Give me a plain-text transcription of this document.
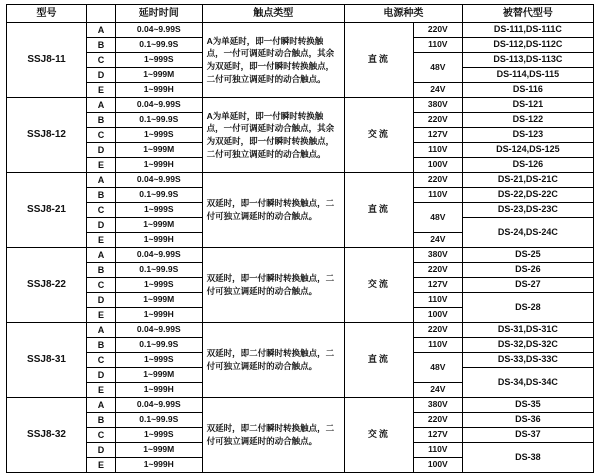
型号		延时时间	触点类型	电源种类		被替代型号
SSJ8-11	A	0.04~9.99S	A为单延时，即一付瞬时转换触点，一付可调延时动合触点，其余为双延时，即一付瞬时转换触点，二付可独立调延时的动合触点。	直流	220V	DS-111,DS-111C
	B	0.1~99.9S			110V	DS-112,DS-112C
	C	1~999S			48V	DS-113,DS-113C
	D	1~999M				DS-114,DS-115
	E	1~999H			24V	DS-116
SSJ8-12	A	0.04~9.99S	A为单延时，即一付瞬时转换触点，一付可调延时动合触点，其余为双延时，即一付瞬时转换触点，二付可独立调延时的动合触点。	交流	380V	DS-121
	B	0.1~99.9S			220V	DS-122
	C	1~999S			127V	DS-123
	D	1~999M			110V	DS-124,DS-125
	E	1~999H			100V	DS-126
SSJ8-21	A	0.04~9.99S	双延时，即一付瞬时转换触点，二付可独立调延时的动合触点。	直流	220V	DS-21,DS-21C
	B	0.1~99.9S			110V	DS-22,DS-22C
	C	1~999S			48V	DS-23,DS-23C
	D	1~999M				DS-24,DS-24C
	E	1~999H			24V	
SSJ8-22	A	0.04~9.99S	双延时，即一付瞬时转换触点，二付可独立调延时的动合触点。	交流	380V	DS-25
	B	0.1~99.9S			220V	DS-26
	C	1~999S			127V	DS-27
	D	1~999M			110V	DS-28
	E	1~999H			100V	
SSJ8-31	A	0.04~9.99S	双延时，即二付瞬时转换触点，二付可独立调延时的动合触点。	直流	220V	DS-31,DS-31C
	B	0.1~99.9S			110V	DS-32,DS-32C
	C	1~999S			48V	DS-33,DS-33C
	D	1~999M				DS-34,DS-34C
	E	1~999H			24V	
SSJ8-32	A	0.04~9.99S	双延时，即二付瞬时转换触点，二付可独立调延时的动合触点。	交流	380V	DS-35
	B	0.1~99.9S			220V	DS-36
	C	1~999S			127V	DS-37
	D	1~999M			110V	DS-38
	E	1~999H			100V	
